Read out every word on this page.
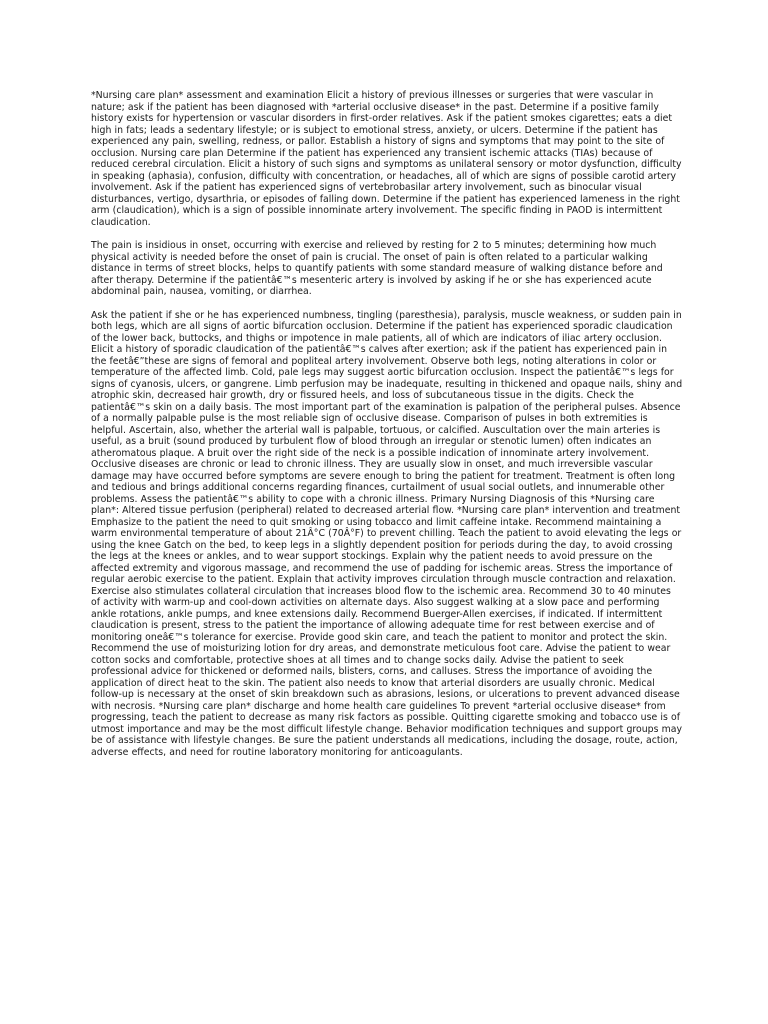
*Nursing care plan* assessment and examination Elicit a history of previous illnesses or surgeries that were vascular in nature; ask if the patient has been diagnosed with *arterial occlusive disease* in the past. Determine if a positive family history exists for hypertension or vascular disorders in first-order relatives. Ask if the patient smokes cigarettes; eats a diet high in fats; leads a sedentary lifestyle; or is subject to emotional stress, anxiety, or ulcers. Determine if the patient has experienced any pain, swelling, redness, or pallor. Establish a history of signs and symptoms that may point to the site of occlusion. Nursing care plan Determine if the patient has experienced any transient ischemic attacks (TIAs) because of reduced cerebral circulation. Elicit a history of such signs and symptoms as unilateral sensory or motor dysfunction, difficulty in speaking (aphasia), confusion, difficulty with concentration, or headaches, all of which are signs of possible carotid artery involvement. Ask if the patient has experienced signs of vertebrobasilar artery involvement, such as binocular visual disturbances, vertigo, dysarthria, or episodes of falling down. Determine if the patient has experienced lameness in the right arm (claudication), which is a sign of possible innominate artery involvement. The specific finding in PAOD is intermittent claudication.

The pain is insidious in onset, occurring with exercise and relieved by resting for 2 to 5 minutes; determining how much physical activity is needed before the onset of pain is crucial. The onset of pain is often related to a particular walking distance in terms of street blocks, helps to quantify patients with some standard measure of walking distance before and after therapy. Determine if the patientâ€™s mesenteric artery is involved by asking if he or she has experienced acute abdominal pain, nausea, vomiting, or diarrhea.

Ask the patient if she or he has experienced numbness, tingling (paresthesia), paralysis, muscle weakness, or sudden pain in both legs, which are all signs of aortic bifurcation occlusion. Determine if the patient has experienced sporadic claudication of the lower back, buttocks, and thighs or impotence in male patients, all of which are indicators of iliac artery occlusion. Elicit a history of sporadic claudication of the patientâ€™s calves after exertion; ask if the patient has experienced pain in the feetâ€”these are signs of femoral and popliteal artery involvement. Observe both legs, noting alterations in color or temperature of the affected limb. Cold, pale legs may suggest aortic bifurcation occlusion. Inspect the patientâ€™s legs for signs of cyanosis, ulcers, or gangrene. Limb perfusion may be inadequate, resulting in thickened and opaque nails, shiny and atrophic skin, decreased hair growth, dry or fissured heels, and loss of subcutaneous tissue in the digits. Check the patientâ€™s skin on a daily basis. The most important part of the examination is palpation of the peripheral pulses. Absence of a normally palpable pulse is the most reliable sign of occlusive disease. Comparison of pulses in both extremities is helpful. Ascertain, also, whether the arterial wall is palpable, tortuous, or calcified. Auscultation over the main arteries is useful, as a bruit (sound produced by turbulent flow of blood through an irregular or stenotic lumen) often indicates an atheromatous plaque. A bruit over the right side of the neck is a possible indication of innominate artery involvement. Occlusive diseases are chronic or lead to chronic illness. They are usually slow in onset, and much irreversible vascular damage may have occurred before symptoms are severe enough to bring the patient for treatment. Treatment is often long and tedious and brings additional concerns regarding finances, curtailment of usual social outlets, and innumerable other problems. Assess the patientâ€™s ability to cope with a chronic illness. Primary Nursing Diagnosis of this *Nursing care plan*: Altered tissue perfusion (peripheral) related to decreased arterial flow. *Nursing care plan* intervention and treatment Emphasize to the patient the need to quit smoking or using tobacco and limit caffeine intake. Recommend maintaining a warm environmental temperature of about 21Â°C (70Â°F) to prevent chilling. Teach the patient to avoid elevating the legs or using the knee Gatch on the bed, to keep legs in a slightly dependent position for periods during the day, to avoid crossing the legs at the knees or ankles, and to wear support stockings. Explain why the patient needs to avoid pressure on the affected extremity and vigorous massage, and recommend the use of padding for ischemic areas. Stress the importance of regular aerobic exercise to the patient. Explain that activity improves circulation through muscle contraction and relaxation. Exercise also stimulates collateral circulation that increases blood flow to the ischemic area. Recommend 30 to 40 minutes of activity with warm-up and cool-down activities on alternate days. Also suggest walking at a slow pace and performing ankle rotations, ankle pumps, and knee extensions daily. Recommend Buerger-Allen exercises, if indicated. If intermittent claudication is present, stress to the patient the importance of allowing adequate time for rest between exercise and of monitoring oneâ€™s tolerance for exercise. Provide good skin care, and teach the patient to monitor and protect the skin. Recommend the use of moisturizing lotion for dry areas, and demonstrate meticulous foot care. Advise the patient to wear cotton socks and comfortable, protective shoes at all times and to change socks daily. Advise the patient to seek professional advice for thickened or deformed nails, blisters, corns, and calluses. Stress the importance of avoiding the application of direct heat to the skin. The patient also needs to know that arterial disorders are usually chronic. Medical follow-up is necessary at the onset of skin breakdown such as abrasions, lesions, or ulcerations to prevent advanced disease with necrosis. *Nursing care plan* discharge and home health care guidelines To prevent *arterial occlusive disease* from progressing, teach the patient to decrease as many risk factors as possible. Quitting cigarette smoking and tobacco use is of utmost importance and may be the most difficult lifestyle change. Behavior modification techniques and support groups may be of assistance with lifestyle changes. Be sure the patient understands all medications, including the dosage, route, action, adverse effects, and need for routine laboratory monitoring for anticoagulants.
